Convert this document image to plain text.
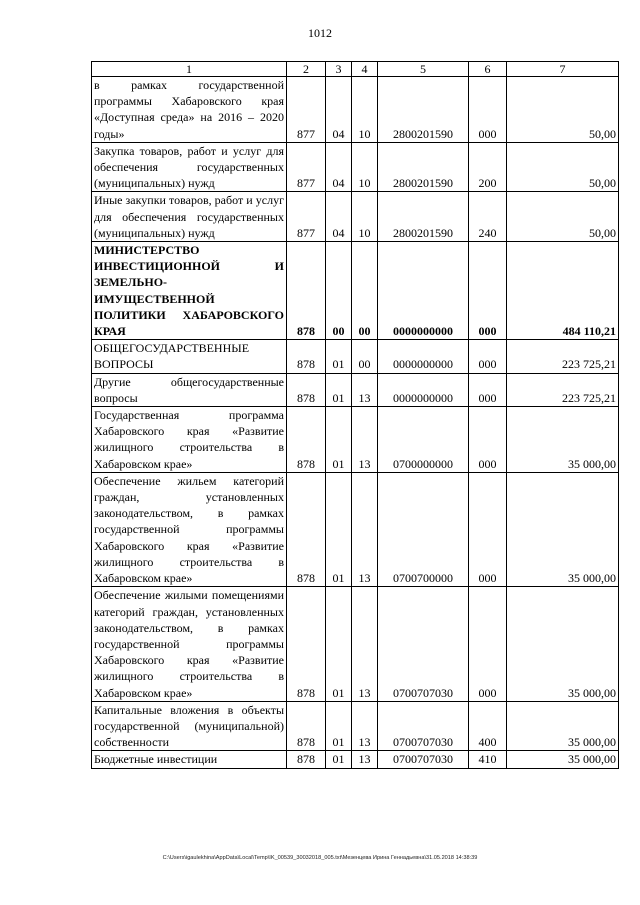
1012
1	2	3	4	5	6	7
в рамках государственной программы Хабаровского края «Доступная среда» на 2016 – 2020 годы»	877	04	10	2800201590	000	50,00
Закупка товаров, работ и услуг для обеспечения государственных (муниципальных) нужд	877	04	10	2800201590	200	50,00
Иные закупки товаров, работ и услуг для обеспечения государственных (муниципальных) нужд	877	04	10	2800201590	240	50,00
МИНИСТЕРСТВО ИНВЕСТИЦИОННОЙ И ЗЕМЕЛЬНО-ИМУЩЕСТВЕННОЙ ПОЛИТИКИ ХАБАРОВСКОГО КРАЯ	878	00	00	0000000000	000	484 110,21
ОБЩЕГОСУДАРСТВЕННЫЕ ВОПРОСЫ	878	01	00	0000000000	000	223 725,21
Другие общегосударственные вопросы	878	01	13	0000000000	000	223 725,21
Государственная программа Хабаровского края «Развитие жилищного строительства в Хабаровском крае»	878	01	13	0700000000	000	35 000,00
Обеспечение жильем категорий граждан, установленных законодательством, в рамках государственной программы Хабаровского края «Развитие жилищного строительства в Хабаровском крае»	878	01	13	0700700000	000	35 000,00
Обеспечение жилыми помещениями категорий граждан, установленных законодательством, в рамках государственной программы Хабаровского края «Развитие жилищного строительства в Хабаровском крае»	878	01	13	0700707030	000	35 000,00
Капитальные вложения в объекты государственной (муниципальной) собственности	878	01	13	0700707030	400	35 000,00
Бюджетные инвестиции	878	01	13	0700707030	410	35 000,00
C:\Users\igaulekhina\AppData\Local\Temp\IK_00539_30032018_005.txt\Мезенцева Ирина Геннадьевна\31.05.2018 14:38:39
